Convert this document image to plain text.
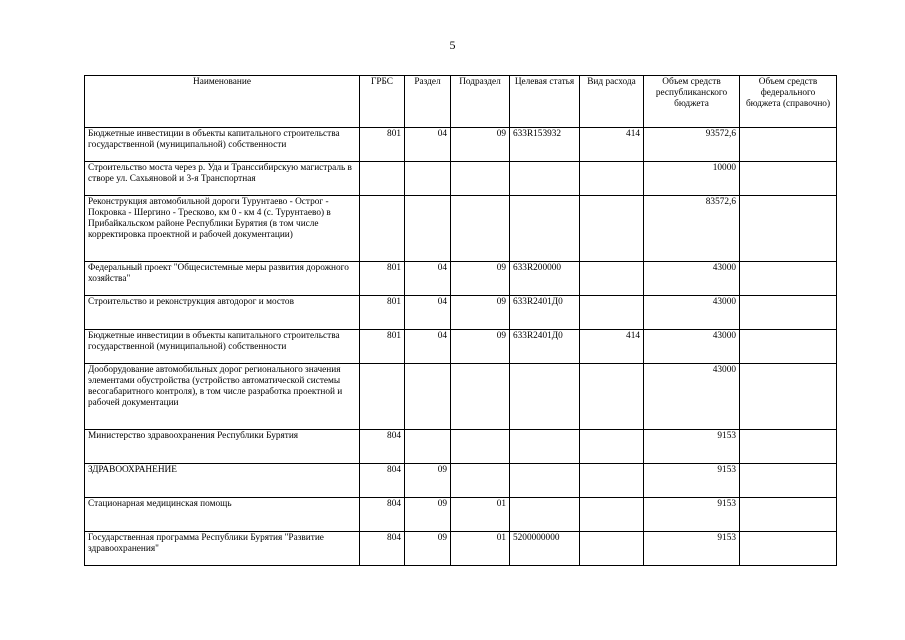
5
Наименование	ГРБС	Раздел	Подраздел	Целевая статья	Вид расхода	Объем средств республиканского бюджета	Объем средств федерального бюджета (справочно)
Бюджетные инвестиции в объекты капитального строительства государственной (муниципальной) собственности	801	04	09	633R153932	414	93572,6	
Строительство моста через р. Уда и Транссибирскую магистраль в створе ул. Сахьяновой и 3-я Транспортная						10000	
Реконструкция автомобильной дороги Турунтаево - Острог - Покровка - Шергино - Тресково, км 0 - км 4 (с. Турунтаево) в Прибайкальском районе Республики Бурятия (в том числе корректировка проектной и рабочей документации)						83572,6	
Федеральный проект "Общесистемные меры развития дорожного хозяйства"	801	04	09	633R200000		43000	
Строительство и реконструкция автодорог и мостов	801	04	09	633R2401Д0		43000	
Бюджетные инвестиции в объекты капитального строительства государственной (муниципальной) собственности	801	04	09	633R2401Д0	414	43000	
Дооборудование автомобильных дорог регионального значения элементами обустройства (устройство автоматической системы весогабаритного контроля), в том числе разработка проектной и рабочей документации						43000	
Министерство здравоохранения Республики Бурятия	804					9153	
ЗДРАВООХРАНЕНИЕ	804	09				9153	
Стационарная медицинская помощь	804	09	01			9153	
Государственная программа Республики Бурятия "Развитие здравоохранения"	804	09	01	5200000000		9153	
